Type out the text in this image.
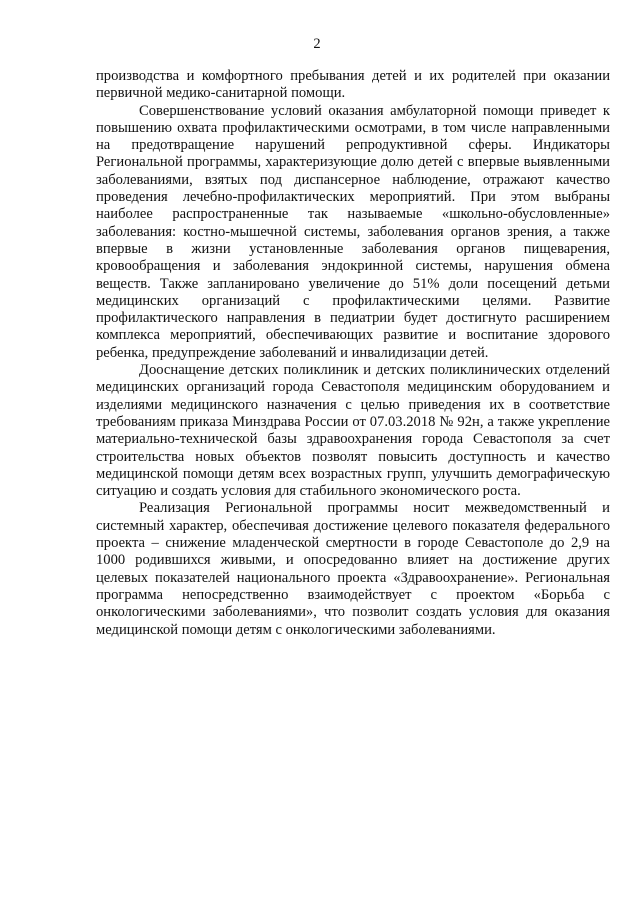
2

производства и комфортного пребывания детей и их родителей при оказании первичной медико-санитарной помощи.

Совершенствование условий оказания амбулаторной помощи приведет к повышению охвата профилактическими осмотрами, в том числе направленными на предотвращение нарушений репродуктивной сферы. Индикаторы Региональной программы, характеризующие долю детей с впервые выявленными заболеваниями, взятых под диспансерное наблюдение, отражают качество проведения лечебно-профилактических мероприятий. При этом выбраны наиболее распространенные так называемые «школьно-обусловленные» заболевания: костно-мышечной системы, заболевания органов зрения, а также впервые в жизни установленные заболевания органов пищеварения, кровообращения и заболевания эндокринной системы, нарушения обмена веществ. Также запланировано увеличение до 51% доли посещений детьми медицинских организаций с профилактическими целями. Развитие профилактического направления в педиатрии будет достигнуто расширением комплекса мероприятий, обеспечивающих развитие и воспитание здорового ребенка, предупреждение заболеваний и инвалидизации детей.

Дооснащение детских поликлиник и детских поликлинических отделений медицинских организаций города Севастополя медицинским оборудованием и изделиями медицинского назначения с целью приведения их в соответствие требованиям приказа Минздрава России от 07.03.2018 № 92н, а также укрепление материально-технической базы здравоохранения города Севастополя за счет строительства новых объектов позволят повысить доступность и качество медицинской помощи детям всех возрастных групп, улучшить демографическую ситуацию и создать условия для стабильного экономического роста.

Реализация Региональной программы носит межведомственный и системный характер, обеспечивая достижение целевого показателя федерального проекта – снижение младенческой смертности в городе Севастополе до 2,9 на 1000 родившихся живыми, и опосредованно влияет на достижение других целевых показателей национального проекта «Здравоохранение». Региональная программа непосредственно взаимодействует с проектом «Борьба с онкологическими заболеваниями», что позволит создать условия для оказания медицинской помощи детям с онкологическими заболеваниями.
